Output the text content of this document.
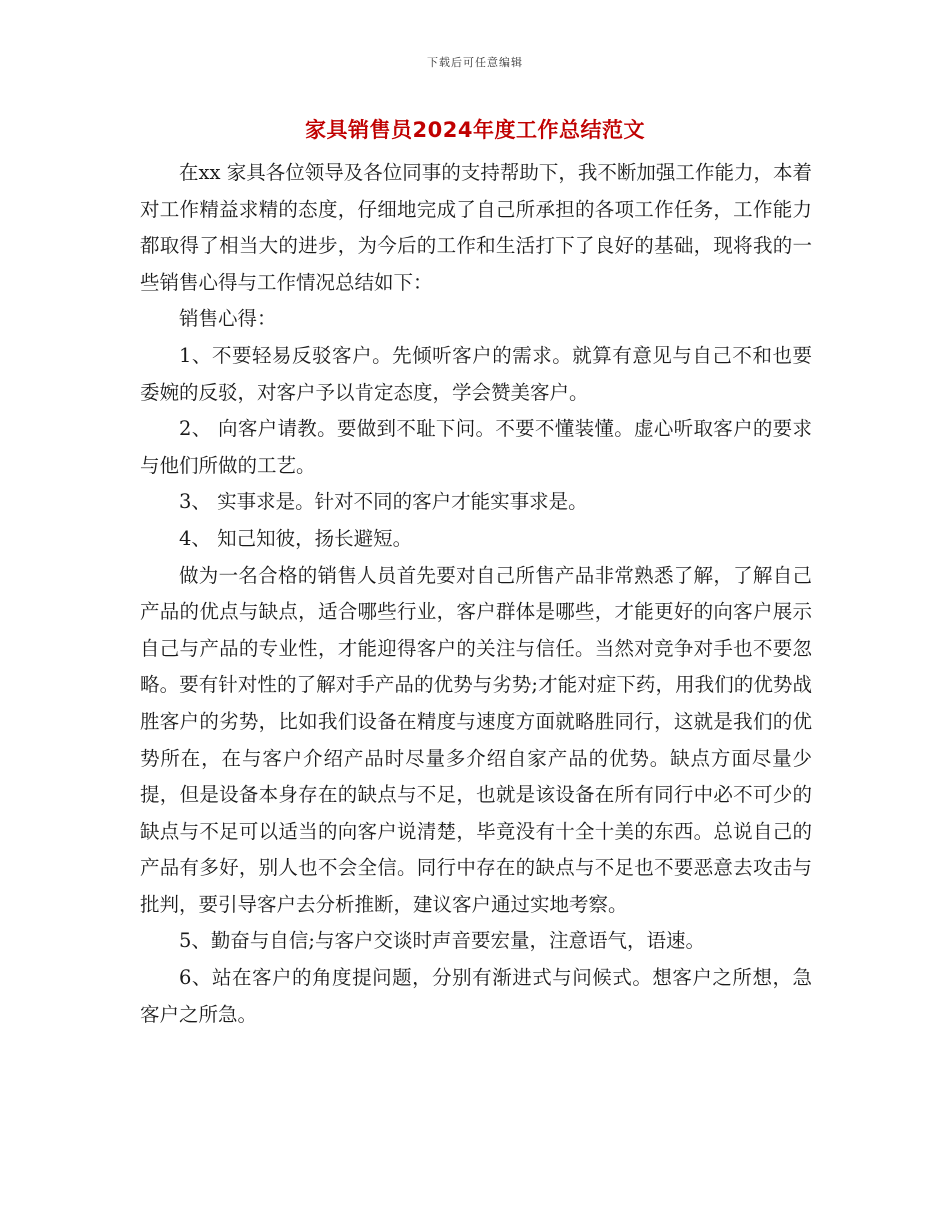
下载后可任意编辑
家具销售员2024年度工作总结范文

在xx 家具各位领导及各位同事的支持帮助下，我不断加强工作能力，本着对工作精益求精的态度，仔细地完成了自己所承担的各项工作任务，工作能力都取得了相当大的进步，为今后的工作和生活打下了良好的基础，现将我的一些销售心得与工作情况总结如下：

销售心得：

1、不要轻易反驳客户。先倾听客户的需求。就算有意见与自己不和也要委婉的反驳，对客户予以肯定态度，学会赞美客户。

2、 向客户请教。要做到不耻下问。不要不懂装懂。虚心听取客户的要求与他们所做的工艺。

3、 实事求是。针对不同的客户才能实事求是。

4、 知己知彼，扬长避短。

做为一名合格的销售人员首先要对自己所售产品非常熟悉了解，了解自己产品的优点与缺点，适合哪些行业，客户群体是哪些，才能更好的向客户展示自己与产品的专业性，才能迎得客户的关注与信任。当然对竞争对手也不要忽略。要有针对性的了解对手产品的优势与劣势;才能对症下药，用我们的优势战胜客户的劣势，比如我们设备在精度与速度方面就略胜同行，这就是我们的优势所在，在与客户介绍产品时尽量多介绍自家产品的优势。缺点方面尽量少提，但是设备本身存在的缺点与不足，也就是该设备在所有同行中必不可少的缺点与不足可以适当的向客户说清楚，毕竟没有十全十美的东西。总说自己的产品有多好，别人也不会全信。同行中存在的缺点与不足也不要恶意去攻击与批判，要引导客户去分析推断，建议客户通过实地考察。

5、勤奋与自信;与客户交谈时声音要宏量，注意语气，语速。

6、站在客户的角度提问题，分别有渐进式与问候式。想客户之所想，急客户之所急。
